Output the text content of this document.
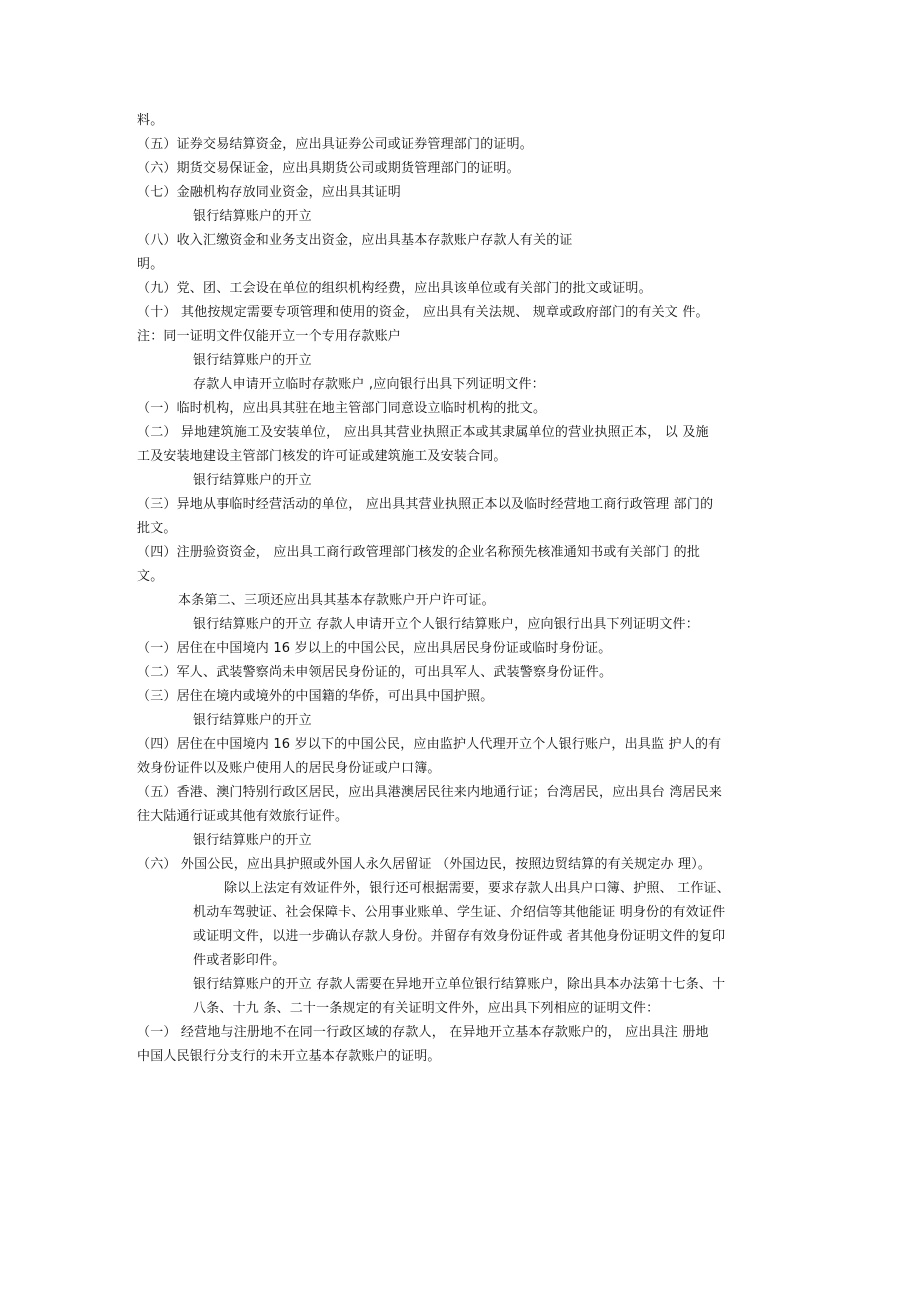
料。
（五）证券交易结算资金，应出具证券公司或证券管理部门的证明。
（六）期货交易保证金，应出具期货公司或期货管理部门的证明。
（七）金融机构存放同业资金，应出具其证明
银行结算账户的开立
（八）收入汇缴资金和业务支出资金，应出具基本存款账户存款人有关的证
明。
（九）党、团、工会设在单位的组织机构经费，应出具该单位或有关部门的批文或证明。
（十） 其他按规定需要专项管理和使用的资金， 应出具有关法规、 规章或政府部门的有关文 件。
注：同一证明文件仅能开立一个专用存款账户
银行结算账户的开立
存款人申请开立临时存款账户 ,应向银行出具下列证明文件：
（一）临时机构，应出具其驻在地主管部门同意设立临时机构的批文。
（二） 异地建筑施工及安装单位， 应出具其营业执照正本或其隶属单位的营业执照正本， 以 及施
工及安装地建设主管部门核发的许可证或建筑施工及安装合同。
银行结算账户的开立
（三）异地从事临时经营活动的单位， 应出具其营业执照正本以及临时经营地工商行政管理 部门的
批文。
（四）注册验资资金， 应出具工商行政管理部门核发的企业名称预先核准通知书或有关部门 的批
文。
本条第二、三项还应出具其基本存款账户开户许可证。
银行结算账户的开立 存款人申请开立个人银行结算账户，应向银行出具下列证明文件：
（一）居住在中国境内 16 岁以上的中国公民，应出具居民身份证或临时身份证。
（二）军人、武装警察尚未申领居民身份证的，可出具军人、武装警察身份证件。
（三）居住在境内或境外的中国籍的华侨，可出具中国护照。
银行结算账户的开立
（四）居住在中国境内 16 岁以下的中国公民，应由监护人代理开立个人银行账户，出具监 护人的有
效身份证件以及账户使用人的居民身份证或户口簿。
（五）香港、澳门特别行政区居民，应出具港澳居民往来内地通行证；台湾居民，应出具台 湾居民来
往大陆通行证或其他有效旅行证件。
银行结算账户的开立
（六） 外国公民，应出具护照或外国人永久居留证 （外国边民，按照边贸结算的有关规定办 理）。
除以上法定有效证件外，银行还可根据需要，要求存款人出具户口簿、护照、 工作证、
机动车驾驶证、社会保障卡、公用事业账单、学生证、介绍信等其他能证 明身份的有效证件
或证明文件，以进一步确认存款人身份。并留存有效身份证件或 者其他身份证明文件的复印
件或者影印件。
银行结算账户的开立 存款人需要在异地开立单位银行结算账户，除出具本办法第十七条、十
八条、十九 条、二十一条规定的有关证明文件外，应出具下列相应的证明文件：
（一） 经营地与注册地不在同一行政区域的存款人， 在异地开立基本存款账户的， 应出具注 册地
中国人民银行分支行的未开立基本存款账户的证明。
